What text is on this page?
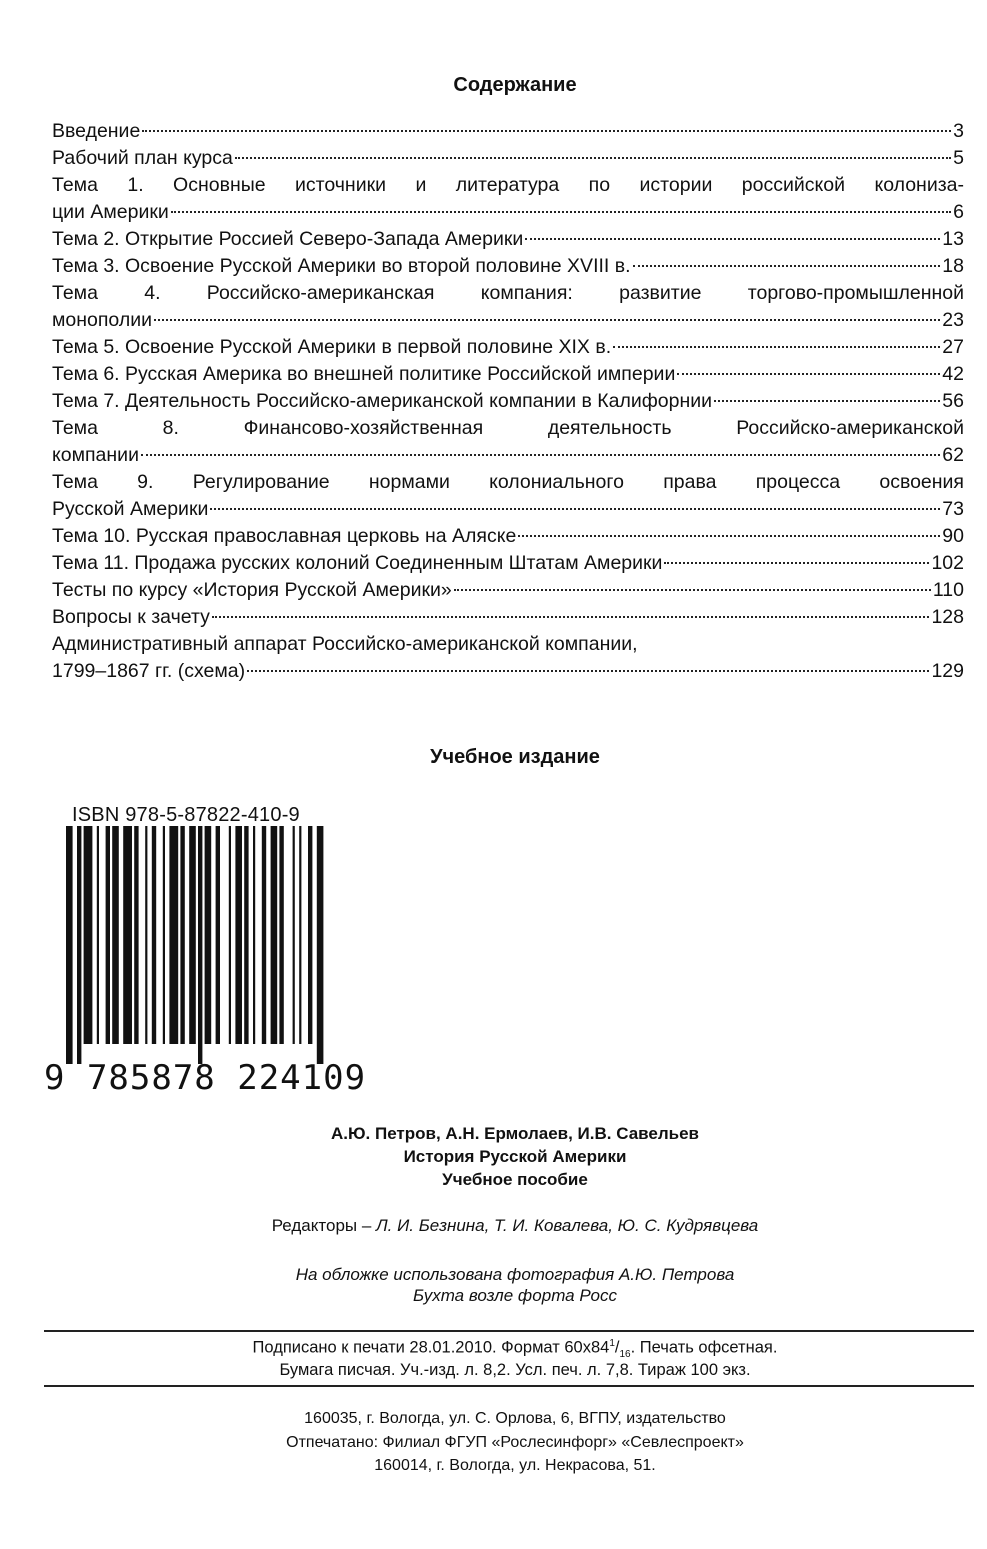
Содержание
Введение	3
Рабочий план курса	5
Тема 1. Основные источники и литература по истории российской колониза-
ции Америки	6
Тема 2. Открытие Россией Северо-Запада Америки	13
Тема 3. Освоение Русской Америки во второй половине XVIII в.	18
Тема 4. Российско-американская компания: развитие торгово-промышленной
монополии	23
Тема 5. Освоение Русской Америки в первой половине XIX в.	27
Тема 6. Русская Америка во внешней политике Российской империи	42
Тема 7. Деятельность Российско-американской компании в Калифорнии	56
Тема 8. Финансово-хозяйственная деятельность Российско-американской
компании	62
Тема 9. Регулирование нормами колониального права процесса освоения
Русской Америки	73
Тема 10. Русская православная церковь на Аляске	90
Тема 11. Продажа русских колоний Соединенным Штатам Америки	102
Тесты по курсу «История Русской Америки»	110
Вопросы к зачету	128
Административный аппарат Российско-американской компании,
1799–1867 гг. (схема)	129
Учебное издание
ISBN 978-5-87822-410-9
9 785878 224109
А.Ю. Петров, А.Н. Ермолаев, И.В. Савельев
История Русской Америки
Учебное пособие
Редакторы – Л. И. Безнина, Т. И. Ковалева, Ю. С. Кудрявцева
На обложке использована фотография А.Ю. Петрова
Бухта возле форта Росс
Подписано к печати 28.01.2010. Формат $60x84^1/_{16}$. Печать офсетная.
Бумага писчая. Уч.-изд. л. 8,2. Усл. печ. л. 7,8. Тираж 100 экз.
160035, г. Вологда, ул. С. Орлова, 6, ВГПУ, издательство
Отпечатано: Филиал ФГУП «Рослесинфорг» «Севлеспроект»
160014, г. Вологда, ул. Некрасова, 51.
